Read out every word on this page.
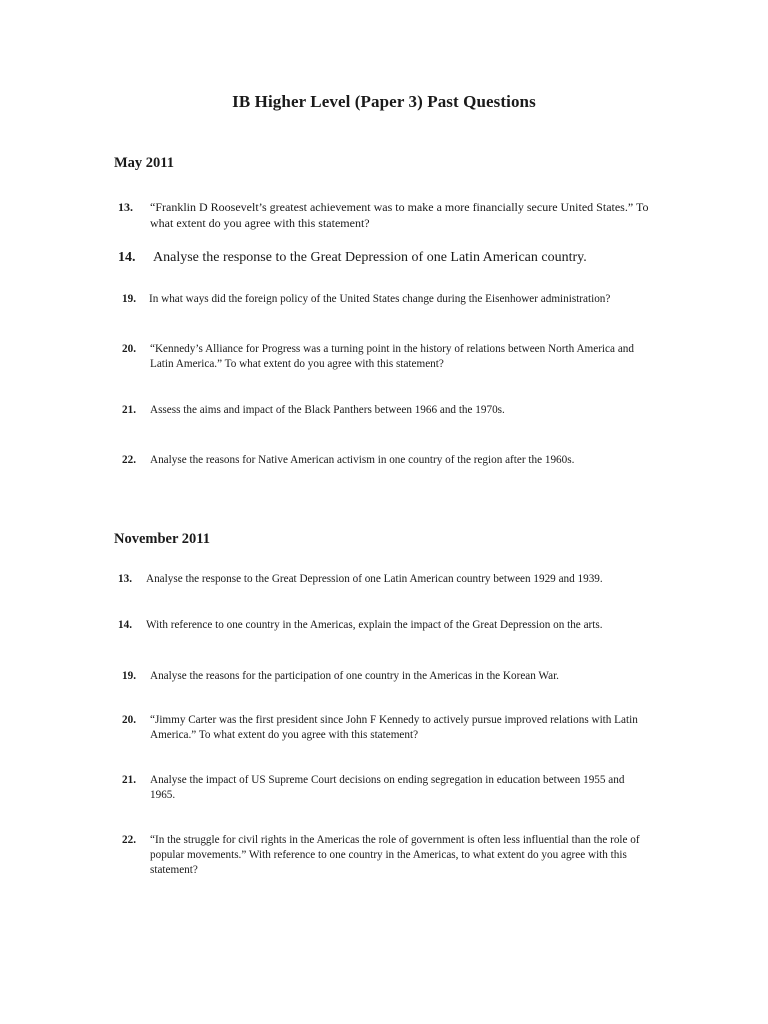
IB Higher Level (Paper 3) Past Questions
May 2011
13.	“Franklin D Roosevelt’s greatest achievement was to make a more financially secure United States.” To what extent do you agree with this statement?
14.	Analyse the response to the Great Depression of one Latin American country.
19.	In what ways did the foreign policy of the United States change during the Eisenhower administration?
20.	“Kennedy’s Alliance for Progress was a turning point in the history of relations between North America and Latin America.” To what extent do you agree with this statement?
21.	Assess the aims and impact of the Black Panthers between 1966 and the 1970s.
22.	Analyse the reasons for Native American activism in one country of the region after the 1960s.
November 2011
13.	Analyse the response to the Great Depression of one Latin American country between 1929 and 1939.
14.	With reference to one country in the Americas, explain the impact of the Great Depression on the arts.
19.	Analyse the reasons for the participation of one country in the Americas in the Korean War.
20.	“Jimmy Carter was the first president since John F Kennedy to actively pursue improved relations with Latin America.” To what extent do you agree with this statement?
21.	Analyse the impact of US Supreme Court decisions on ending segregation in education between 1955 and 1965.
22.	“In the struggle for civil rights in the Americas the role of government is often less influential than the role of popular movements.” With reference to one country in the Americas, to what extent do you agree with this statement?
